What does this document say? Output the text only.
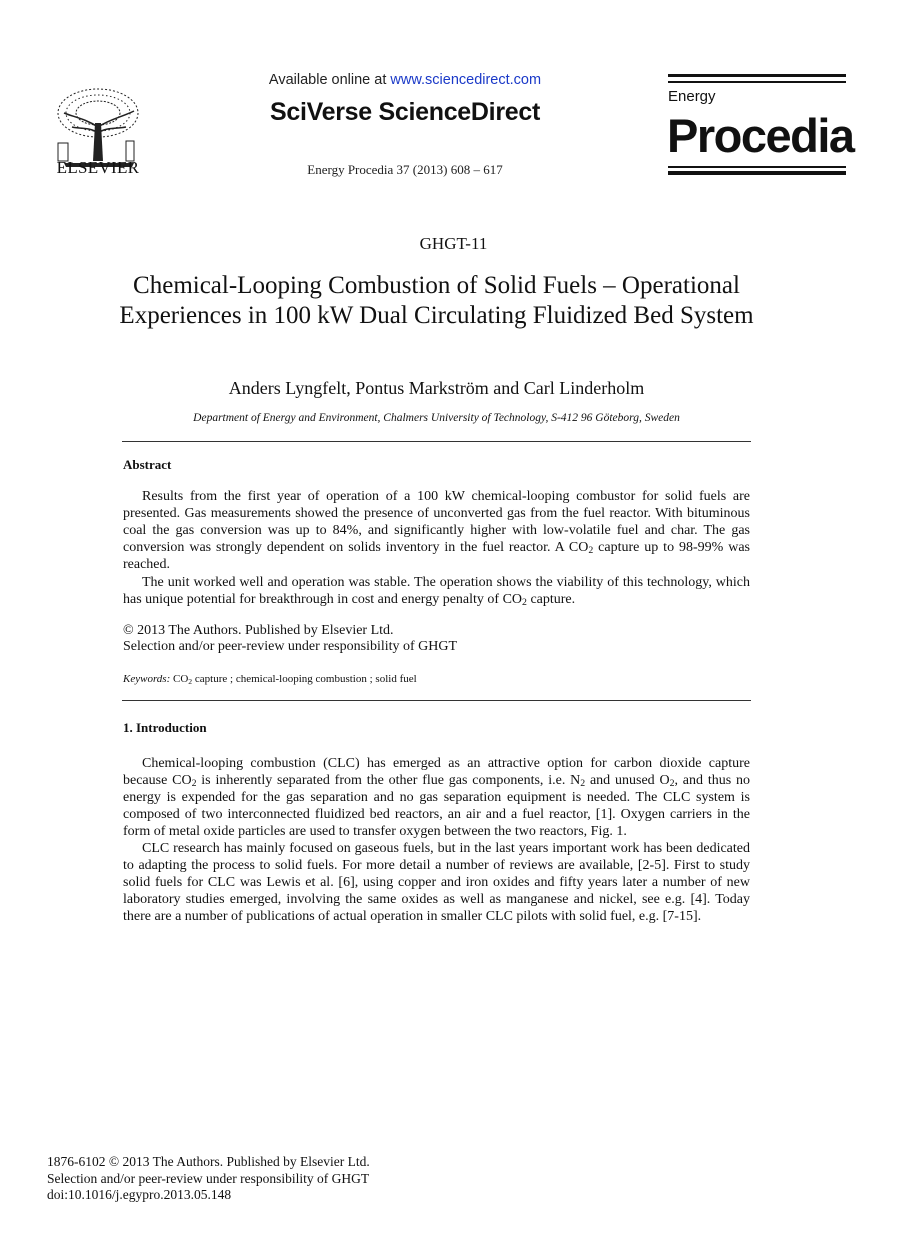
ELSEVIER
Available online at www.sciencedirect.com
SciVerse ScienceDirect
Energy Procedia 37 (2013) 608 – 617
Energy
Procedia
GHGT-11
Chemical-Looping Combustion of Solid Fuels – Operational Experiences in 100 kW Dual Circulating Fluidized Bed System
Anders Lyngfelt, Pontus Markström and Carl Linderholm
Department of Energy and Environment, Chalmers University of Technology, S-412 96 Göteborg, Sweden
Abstract
Results from the first year of operation of a 100 kW chemical-looping combustor for solid fuels are presented. Gas measurements showed the presence of unconverted gas from the fuel reactor. With bituminous coal the gas conversion was up to 84%, and significantly higher with low-volatile fuel and char. The gas conversion was strongly dependent on solids inventory in the fuel reactor. A $CO_2$ capture up to 98-99% was reached.
The unit worked well and operation was stable. The operation shows the viability of this technology, which has unique potential for breakthrough in cost and energy penalty of $CO_2$ capture.
© 2013 The Authors. Published by Elsevier Ltd.
Selection and/or peer-review under responsibility of GHGT
Keywords: $CO_2$ capture ; chemical-looping combustion ; solid fuel
1. Introduction
Chemical-looping combustion (CLC) has emerged as an attractive option for carbon dioxide capture because $CO_2$ is inherently separated from the other flue gas components, i.e. $N_2$ and unused $O_2$, and thus no energy is expended for the gas separation and no gas separation equipment is needed. The CLC system is composed of two interconnected fluidized bed reactors, an air and a fuel reactor, [1]. Oxygen carriers in the form of metal oxide particles are used to transfer oxygen between the two reactors, Fig. 1.
CLC research has mainly focused on gaseous fuels, but in the last years important work has been dedicated to adapting the process to solid fuels. For more detail a number of reviews are available, [2-5]. First to study solid fuels for CLC was Lewis et al. [6], using copper and iron oxides and fifty years later a number of new laboratory studies emerged, involving the same oxides as well as manganese and nickel, see e.g. [4]. Today there are a number of publications of actual operation in smaller CLC pilots with solid fuel, e.g. [7-15].
1876-6102 © 2013 The Authors. Published by Elsevier Ltd.
Selection and/or peer-review under responsibility of GHGT
doi:10.1016/j.egypro.2013.05.148
